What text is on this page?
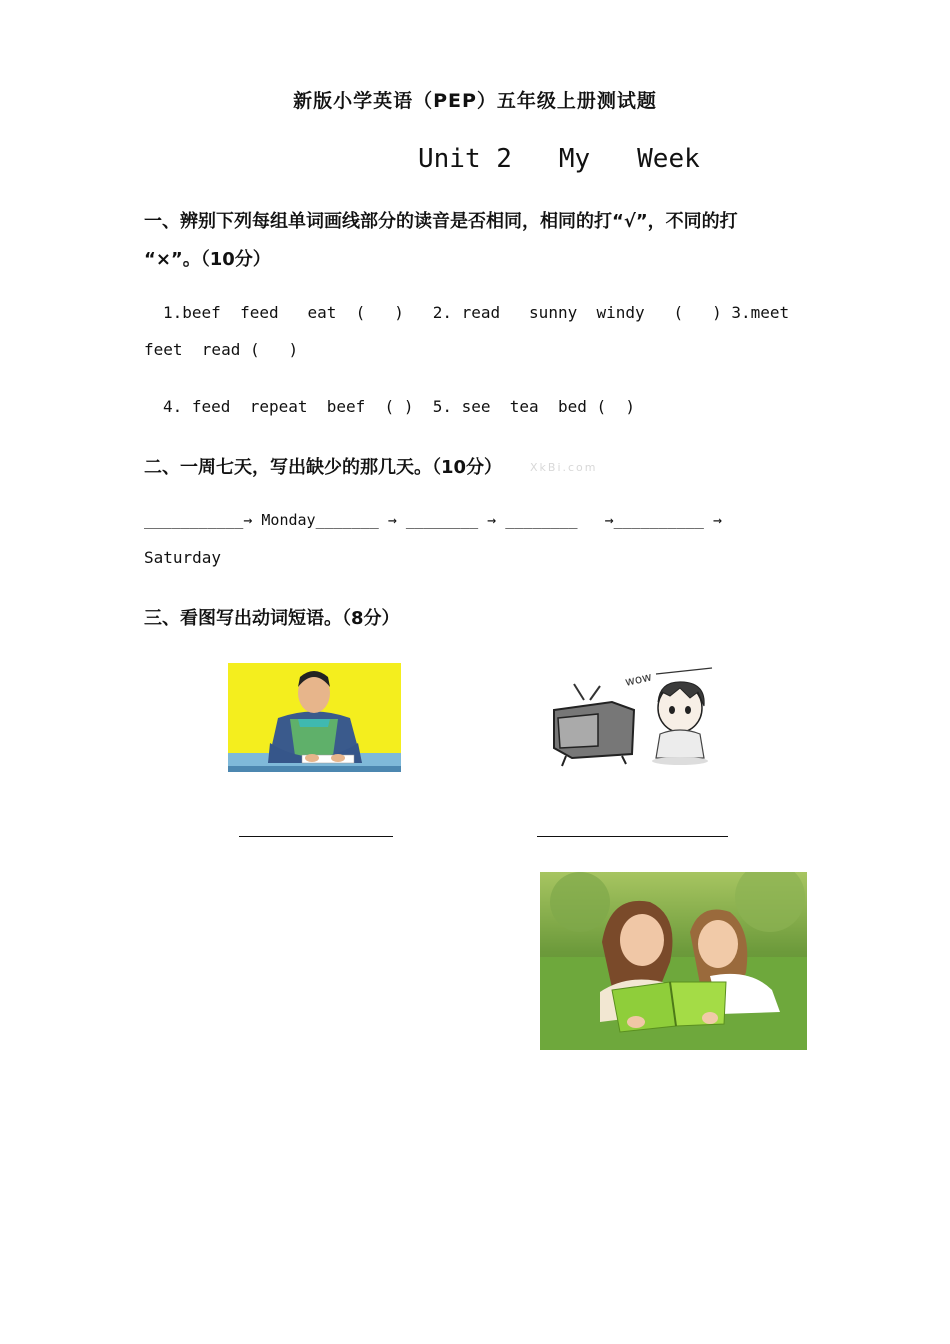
新版小学英语（PEP）五年级上册测试题
Unit 2   My   Week
一、辨别下列每组单词画线部分的读音是否相同，相同的打“√”，不同的打
“×”。（10分）
1.beef  feed   eat  (   )   2. read   sunny  windy   (   ) 3.meet
feet  read (   )
4. feed  repeat  beef  ( )  5. see  tea  bed (  )
二、一周七天，写出缺少的那几天。（10分）	XkBi.com
___________→ Monday_______ → ________ → ________   →__________ →
Saturday
三、看图写出动词短语。（8分）
wow
